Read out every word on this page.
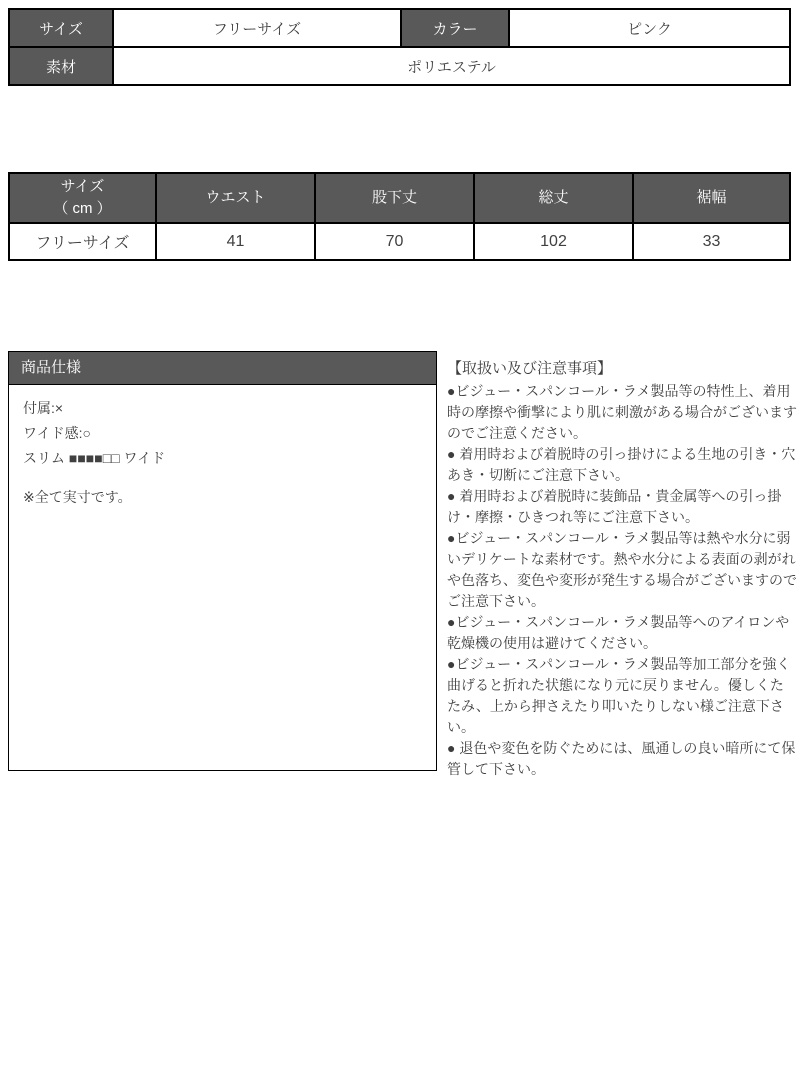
サイズ	フリーサイズ	カラー	ピンク
素材	ポリエステル		
サイズ
（ cm ）	ウエスト	股下丈	総丈	裾幅
フリーサイズ	41	70	102	33
商品仕様
付属:×
ワイド感:○
スリム ■■■■□□ ワイド
※全て実寸です。
【取扱い及び注意事項】

●ビジュー・スパンコール・ラメ製品等の特性上、着用時の摩擦や衝撃により肌に刺激がある場合がございますのでご注意ください。

● 着用時および着脱時の引っ掛けによる生地の引き・穴あき・切断にご注意下さい。

● 着用時および着脱時に装飾品・貴金属等への引っ掛け・摩擦・ひきつれ等にご注意下さい。

●ビジュー・スパンコール・ラメ製品等は熱や水分に弱いデリケートな素材です。熱や水分による表面の剥がれや色落ち、変色や変形が発生する場合がございますのでご注意下さい。

●ビジュー・スパンコール・ラメ製品等へのアイロンや乾燥機の使用は避けてください。

●ビジュー・スパンコール・ラメ製品等加工部分を強く曲げると折れた状態になり元に戻りません。優しくたたみ、上から押さえたり叩いたりしない様ご注意下さい。

● 退色や変色を防ぐためには、風通しの良い暗所にて保管して下さい。
